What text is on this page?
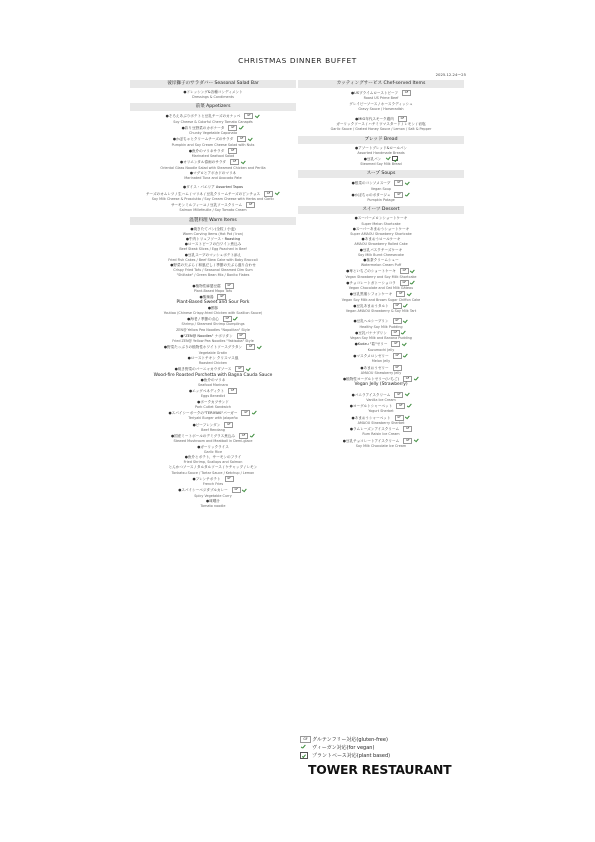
CHRISTMAS DINNER BUFFET
2025.12.24〜25
彼岸獅子のサラダバー Seasonal Salad Bar
●ドレッシング&各種コンディメント
Dressings & Condiments
前菜 Appetizers
●そろえあぶりポテトと豆乳チーズのカナッペ	GF
Soy Cheese & Colorful Cherry Tomato Canapés
●彩り豆野菜のカポナータ	GF
Chunky Vegetable Caponata
●かぼちゃとクリームチーズのサラダ	GF
Pumpkin and Soy Cream Cheese Salad with Nuts
●魚介のマリネサラダ	GF
Marinated Seafood Salad
●オリエンタル春雨のサラダ	GF
Oriental Glass Noodle Salad with Steamed Chicken and Perilla
●マグロとアボカドのマリネ
Marinated Tuna and Avocado Pate
●ダイス・パエリア Assorted Tapas
チーズのオムレツ / 生ハム / マリネ / 豆乳クリームチーズのピンチョス	GF
Soy Milk Cheese & Prosciutto / Soy Cream Cheese with Herbs and Garlic
サーモンミルフィーユ / 豆乳ソースクリーム	GF
Salmon Millefeuille / Soy Tomato Cream
温製料理 Warm Items
●焼きたてパン(全粒 / 小麦)
Warm Carving Items (Hot Pot / Iron)
●牛肉トリュフソース・Roasting
●ローストビーフの白ワイン煮込み
Beef Steak Slices / Egg Poached in Beef
●豆乳スープのマッシュポテト添え
Fried Fish Cakes / Beef Stew Cake with Baby Broccoli
●野菜の天ぷら / 和風だし / 季節の天ぷら盛り合わせ
Crispy Fried Tofu / Seasonal Steamed Dim Sum
"Shiitake" / Green Bean Mix / Bonito Flakes
●植物性麻婆豆腐	GF
Plant-Based Mapo Tofu
●酸辣湯	GF
Plant-Based Sweet and Sour Pork
●酢豚
Youtiao (Chinese Crispy-fried Chicken with Scallion Sauce)
●海老 / 季節の点心	GF
Shrimp / Steamed Shrimp Dumplings
ZEN@ Yellow Pea Noodles "Napolitan" Style
●"ZEN@ Noodles" ナポリタン	GF
Fried ZEN@ Yellow Pea Noodles "Yakisoba" Style
●野菜たっぷりの植物性ホワイトソースグラタン	GF
Vegetable Gratin
●ローストチキン クリスマス風
Roasted Chicken
●焼き野菜のバーニャカウダソース	GF
Wood-fire Roasted Porchetta with Bagna Cauda Sauce
●魚介のマリネ
Seafood Marinara
●エッグベネディクト	GF
Eggs Benedict
●ポークカツサンド
Pork Cutlet Sandwich
●スパイシーポークの"TERIYAKI"バーガー	GF
Teriyaki Burger with Jalapeño
●ビーフレンダン	GF
Beef Rendang
●国産ミートボールのデミグラス煮込み	GF
Stewed Mushroom and Meatball in Demi-glace
●ガーリックライス
Garlic Rice
●魚介とポテト、サーモンのフライ
Fried Shrimp, Scallops and Salmon
とんかつソース / タルタルソース / ケチャップ / レモン
Tonkatsu Sauce / Tartar Sauce / Ketchup / Lemon
●フレンチポテト	GF
French Fries
●スパイシーベジタブルカレー	GF
Spicy Vegetable Curry
●味噌汁
Tomato noodle
カッティングサービス Chef-served Items
●USプライムローストビーフ	GF
Roast US Prime Beef
グレイビーソース / ホースラディッシュ
Gravy Sauce / Horseradish
●MIG年代スモーク鶏肉	GF
ガーリックソース / ハチミツマスタード / レモン / 岩塩
Garlic Sauce / Grated Honey Sauce / Lemon / Salt & Pepper
ブレッド Bread
●アソートブレッド&ロールパン
Assorted Handmade Breads
●豆乳パン
Steamed Soy Milk Bread
スープ Soups
●根菜のコンソメスープ	GF
Vegan Soup
●かぼちゃのポタージュ	GF
Pumpkin Potage
スイーツ Dessert
●スーパーメロンショートケーキ
Super Melon Shortcake
●スーパーあまおうショートケーキ
Super AMAOU Strawberry Shortcake
●あまおうロールケーキ
AMAOU Strawberry Rolled Cake
●豆乳バスクチーズケーキ
Soy Milk Burnt Cheesecake
●抹茶クリームシュー
Watermelon Cream Puff
●苺といちごのショートケーキ	GF
Vegan Strawberry and Soy Milk Shortcake
●チョコレートガトーショコラ	GF
Vegan Chocolate and Oat Milk Gâteau
●豆乳黒蜜シフォンケーキ	GF
Vegan Soy Milk and Brown Sugar Chiffon Cake
●豆乳あまおうタルト	GF
Vegan AMAOU Strawberry & Soy Milk Tart
●豆乳ヘルシープリン	GF
Healthy Soy Milk Pudding
●豆乳バナナプリン	GF
Vegan Soy Milk and Banana Pudding
●Kudzu "葛"ゼリー	GF
Kuzumochi Jelly
●マスクメロンゼリー	GF
Melon Jelly
●あまおうゼリー	GF
AMAOU Strawberry Jelly
●植物性ヨーグルトゼリー(いちご)	GF
Vegan Jelly (Strawberry)
●バニラアイスクリーム	GF
Vanilla Ice Cream
●ヨーグルトシャーベット	GF
Yogurt Sherbet
●あまおうシャーベット	GF
AMAOU Strawberry Sherbet
●ラムレーズンアイスクリーム	GF
Rum Raisin Ice Cream
●豆乳チョコレートアイスクリーム	GF
Soy Milk Chocolate Ice Cream
GF グルテンフリー対応(gluten-free)
ヴィーガン対応(for vegan)
プラントベース対応(plant based)
TOWER RESTAURANT
